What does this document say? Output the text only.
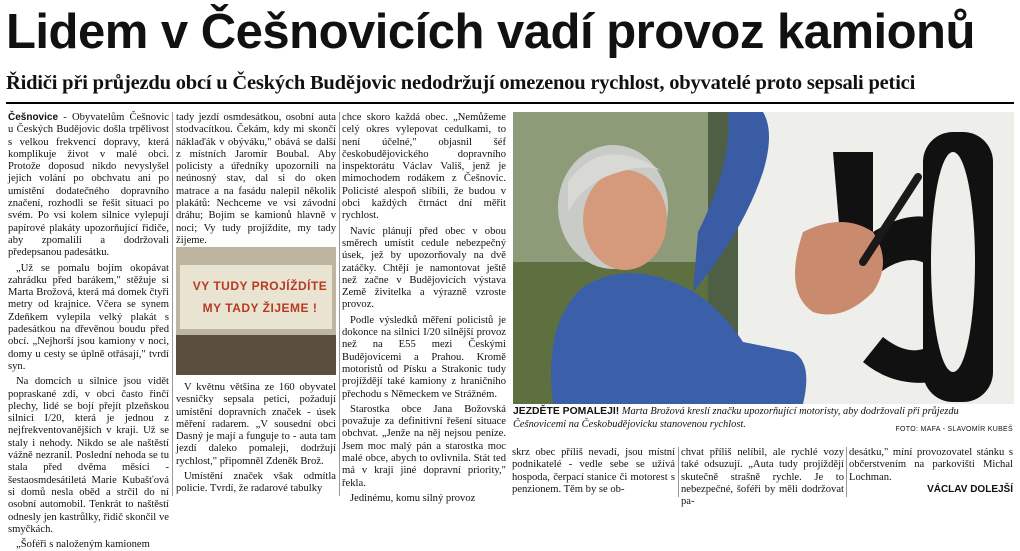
Lidem v Češnovicích vadí provoz kamionů
Řidiči při průjezdu obcí u Českých Budějovic nedodržují omezenou rychlost, obyvatelé proto sepsali petici

Češnovice - Obyvatelům Češnovic u Českých Budějovic došla trpělivost s velkou frekvencí dopravy, která komplikuje život v malé obci. Protože doposud nikdo nevyslyšel jejich volání po obchvatu ani po umístění dodatečného dopravního značení, rozhodli se řešit situaci po svém. Po vsi kolem silnice vylepují papírové plakáty upozorňující řidiče, aby zpomalili a dodržovali předepsanou padesátku.

„Už se pomalu bojím okopávat zahrádku před barákem," stěžuje si Marta Brožová, která má domek čtyři metry od krajnice. Včera se synem Zdeňkem vylepila velký plakát s padesátkou na dřevěnou boudu před obcí. „Nejhorší jsou kamiony v noci, domy u cesty se úplně otřásají," tvrdí syn.

Na domcích u silnice jsou vidět popraskané zdi, v obci často řinčí plechy, lidé se bojí přejít plzeňskou silnici I/20, která je jednou z nejfrekventovanějších v kraji. Už se staly i nehody. Nikdo se ale naštěstí vážně nezranil. Poslední nehoda se tu stala před dvěma měsíci - šestaosmdesátiletá Marie Kubašťová si domů nesla oběd a strčil do ní osobní automobil. Tenkrát to naštěstí odnesly jen kastrůlky, řidič skončil ve smyčkách.

„Šoféři s naloženým kamionem

tady jezdí osmdesátkou, osobní auta stodvacítkou. Čekám, kdy mi skončí náklaďák v obýváku," obává se další z místních Jaromír Boubal. Aby policisty a úředníky upozornili na neúnosný stav, dal si do oken matrace a na fasádu nalepil několik plakátů: Nechceme ve vsi závodní dráhu; Bojím se kamionů hlavně v noci; Vy tudy projíždíte, my tady žijeme.

VY TUDY PROJÍŽDÍTE
MY TADY ŽIJEME !

V květnu většina ze 160 obyvatel vesničky sepsala petici, požadují umístění dopravních značek - úsek měření radarem. „V sousední obci Dasný je mají a funguje to - auta tam jezdí daleko pomaleji, dodržují rychlost," připomněl Zdeněk Brož.

Umístění značek však odmítla policie. Tvrdí, že radarové tabulky

chce skoro každá obec. „Nemůžeme celý okres vylepovat cedulkami, to není účelné," objasnil šéf českobudějovického dopravního inspektorátu Václav Vališ, jenž je mimochodem rodákem z Češnovic. Policisté alespoň slíbili, že budou v obci každých čtrnáct dní měřit rychlost.

Navíc plánují před obec v obou směrech umístit cedule nebezpečný úsek, jež by upozorňovaly na dvě zatáčky. Chtějí je namontovat ještě než začne v Budějovicích výstava Země živitelka a výrazně vzroste provoz.

Podle výsledků měření policistů je dokonce na silnici I/20 silnější provoz než na E55 mezi Českými Budějovicemi a Prahou. Kromě motoristů od Písku a Strakonic tudy projíždějí také kamiony z hraničního přechodu s Německem ve Strážném.

Starostka obce Jana Božovská považuje za definitivní řešení situace obchvat. „Jenže na něj nejsou peníze. Jsem moc malý pán a starostka moc malé obce, abych to ovlivnila. Stát ted má v kraji jiné dopravní priority," řekla.

Jedinému, komu silný provoz

JEZDĚTE POMALEJI! Marta Brožová kreslí značku upozorňující motoristy, aby dodržovali při průjezdu Češnovicemi na Českobudějovicku stanovenou rychlost.	FOTO: MAFA - SLAVOMÍR KUBEŠ

skrz obec příliš nevadí, jsou místní podnikatelé - vedle sebe se užívá hospoda, čerpací stanice či motorest s penzionem. Těm by se ob-

chvat příliš nelíbil, ale rychlé vozy také odsuzují. „Auta tudy projíždějí skutečně strašně rychle. Je to nebezpečné, šoféři by měli dodržovat pa-

desátku," míní provozovatel stánku s občerstvením na parkovišti Michal Lochman.

VÁCLAV DOLEJŠÍ
